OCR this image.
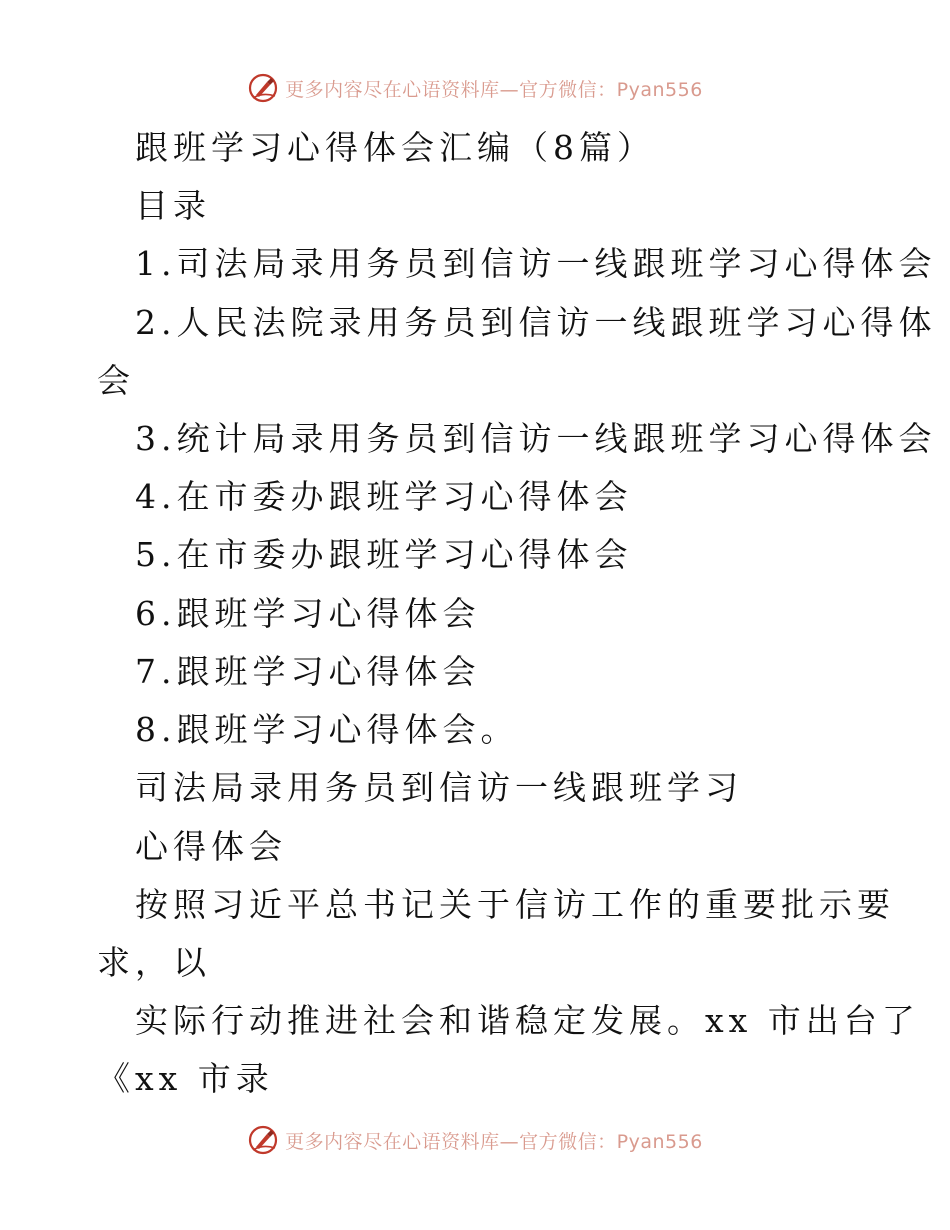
更多内容尽在心语资料库—官方微信：Pyan556
跟班学习心得体会汇编（8篇）
目录
1.司法局录用务员到信访一线跟班学习心得体会
2.人民法院录用务员到信访一线跟班学习心得体
会
3.统计局录用务员到信访一线跟班学习心得体会
4.在市委办跟班学习心得体会
5.在市委办跟班学习心得体会
6.跟班学习心得体会
7.跟班学习心得体会
8.跟班学习心得体会。
司法局录用务员到信访一线跟班学习
心得体会
按照习近平总书记关于信访工作的重要批示要
求，以
实际行动推进社会和谐稳定发展。xx 市出台了
《xx 市录
更多内容尽在心语资料库—官方微信：Pyan556
